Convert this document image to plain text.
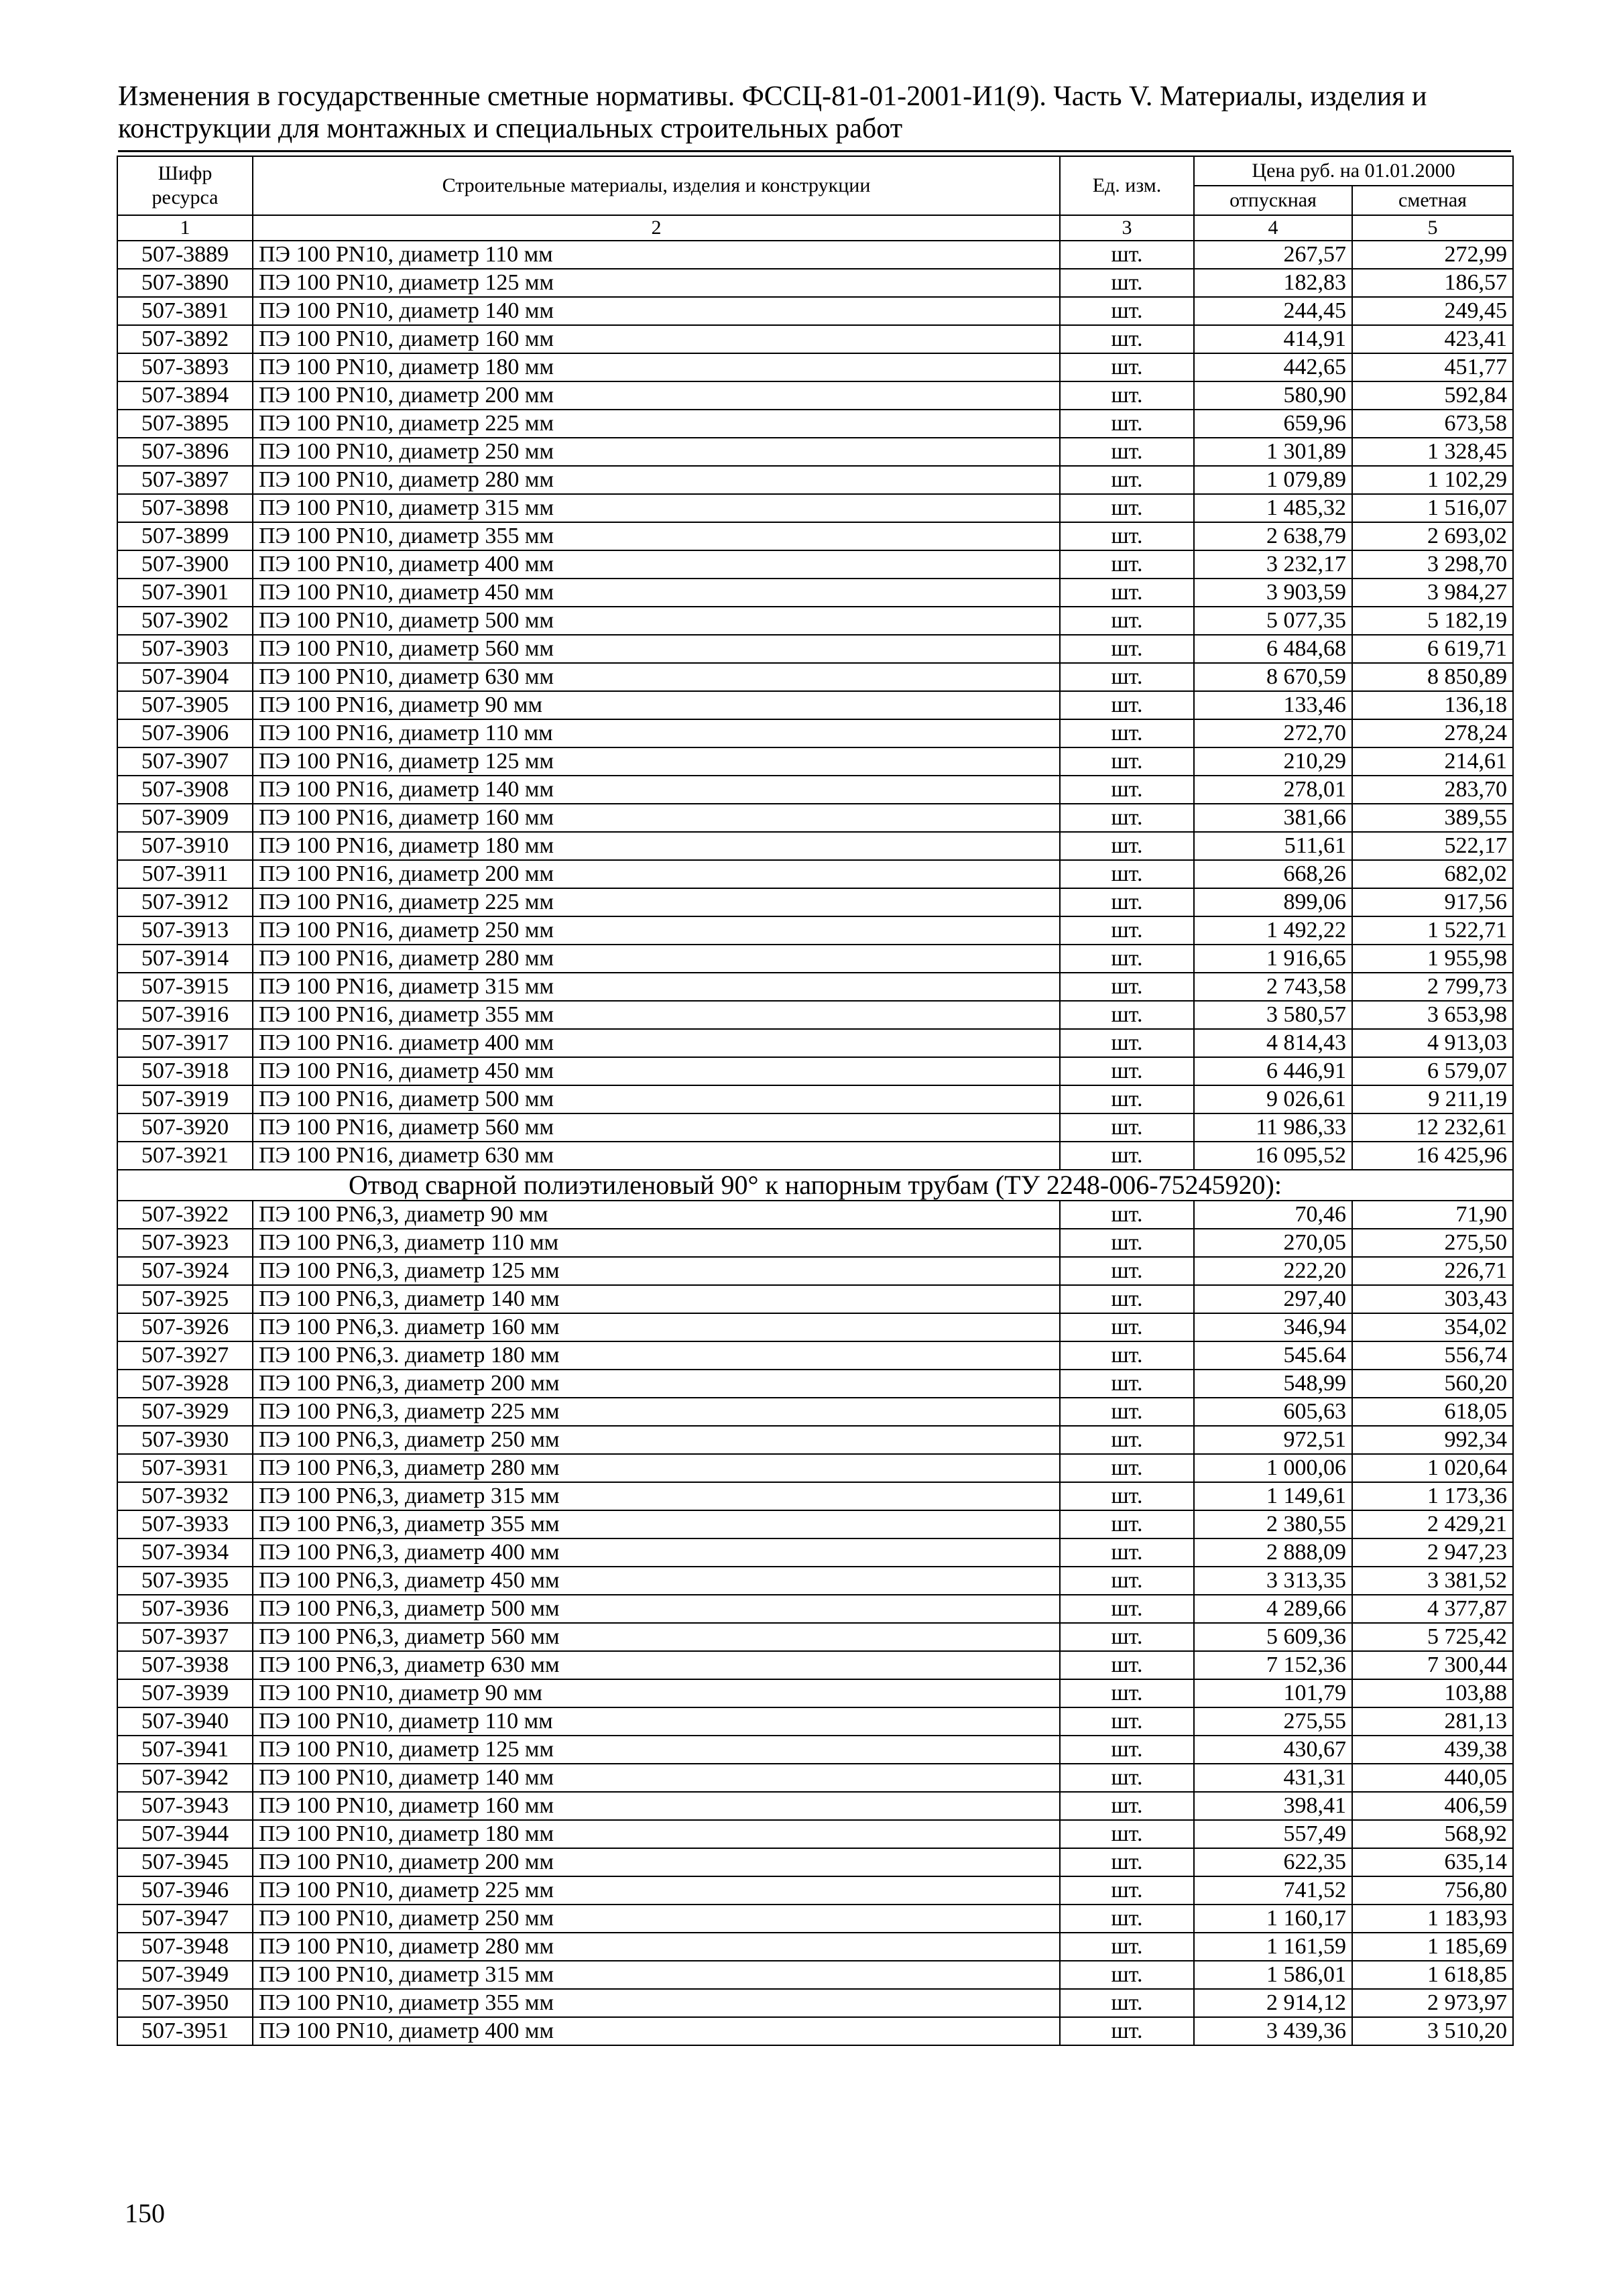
Изменения в государственные сметные нормативы. ФССЦ-81-01-2001-И1(9). Часть V. Материалы, изделия и
конструкции для монтажных и специальных строительных работ
Шифр ресурса	Строительные материалы, изделия и конструкции	Ед. изм.	Цена руб. на 01.01.2000	
			отпускная	сметная
1	2	3	4	5
507-3889	ПЭ 100 PN10, диаметр 110 мм	шт.	267,57	272,99
507-3890	ПЭ 100 PN10, диаметр 125 мм	шт.	182,83	186,57
507-3891	ПЭ 100 PN10, диаметр 140 мм	шт.	244,45	249,45
507-3892	ПЭ 100 PN10, диаметр 160 мм	шт.	414,91	423,41
507-3893	ПЭ 100 PN10, диаметр 180 мм	шт.	442,65	451,77
507-3894	ПЭ 100 PN10, диаметр 200 мм	шт.	580,90	592,84
507-3895	ПЭ 100 PN10, диаметр 225 мм	шт.	659,96	673,58
507-3896	ПЭ 100 PN10, диаметр 250 мм	шт.	1 301,89	1 328,45
507-3897	ПЭ 100 PN10, диаметр 280 мм	шт.	1 079,89	1 102,29
507-3898	ПЭ 100 PN10, диаметр 315 мм	шт.	1 485,32	1 516,07
507-3899	ПЭ 100 PN10, диаметр 355 мм	шт.	2 638,79	2 693,02
507-3900	ПЭ 100 PN10, диаметр 400 мм	шт.	3 232,17	3 298,70
507-3901	ПЭ 100 PN10, диаметр 450 мм	шт.	3 903,59	3 984,27
507-3902	ПЭ 100 PN10, диаметр 500 мм	шт.	5 077,35	5 182,19
507-3903	ПЭ 100 PN10, диаметр 560 мм	шт.	6 484,68	6 619,71
507-3904	ПЭ 100 PN10, диаметр 630 мм	шт.	8 670,59	8 850,89
507-3905	ПЭ 100 PN16, диаметр 90 мм	шт.	133,46	136,18
507-3906	ПЭ 100 PN16, диаметр 110 мм	шт.	272,70	278,24
507-3907	ПЭ 100 PN16, диаметр 125 мм	шт.	210,29	214,61
507-3908	ПЭ 100 PN16, диаметр 140 мм	шт.	278,01	283,70
507-3909	ПЭ 100 PN16, диаметр 160 мм	шт.	381,66	389,55
507-3910	ПЭ 100 PN16, диаметр 180 мм	шт.	511,61	522,17
507-3911	ПЭ 100 PN16, диаметр 200 мм	шт.	668,26	682,02
507-3912	ПЭ 100 PN16, диаметр 225 мм	шт.	899,06	917,56
507-3913	ПЭ 100 PN16, диаметр 250 мм	шт.	1 492,22	1 522,71
507-3914	ПЭ 100 PN16, диаметр 280 мм	шт.	1 916,65	1 955,98
507-3915	ПЭ 100 PN16, диаметр 315 мм	шт.	2 743,58	2 799,73
507-3916	ПЭ 100 PN16, диаметр 355 мм	шт.	3 580,57	3 653,98
507-3917	ПЭ 100 PN16. диаметр 400 мм	шт.	4 814,43	4 913,03
507-3918	ПЭ 100 PN16, диаметр 450 мм	шт.	6 446,91	6 579,07
507-3919	ПЭ 100 PN16, диаметр 500 мм	шт.	9 026,61	9 211,19
507-3920	ПЭ 100 PN16, диаметр 560 мм	шт.	11 986,33	12 232,61
507-3921	ПЭ 100 PN16, диаметр 630 мм	шт.	16 095,52	16 425,96
Отвод сварной полиэтиленовый 90° к напорным трубам (ТУ 2248-006-75245920):				
507-3922	ПЭ 100 PN6,3, диаметр 90 мм	шт.	70,46	71,90
507-3923	ПЭ 100 PN6,3, диаметр 110 мм	шт.	270,05	275,50
507-3924	ПЭ 100 PN6,3, диаметр 125 мм	шт.	222,20	226,71
507-3925	ПЭ 100 PN6,3, диаметр 140 мм	шт.	297,40	303,43
507-3926	ПЭ 100 PN6,3. диаметр 160 мм	шт.	346,94	354,02
507-3927	ПЭ 100 PN6,3. диаметр 180 мм	шт.	545.64	556,74
507-3928	ПЭ 100 PN6,3, диаметр 200 мм	шт.	548,99	560,20
507-3929	ПЭ 100 PN6,3, диаметр 225 мм	шт.	605,63	618,05
507-3930	ПЭ 100 PN6,3, диаметр 250 мм	шт.	972,51	992,34
507-3931	ПЭ 100 PN6,3, диаметр 280 мм	шт.	1 000,06	1 020,64
507-3932	ПЭ 100 PN6,3, диаметр 315 мм	шт.	1 149,61	1 173,36
507-3933	ПЭ 100 PN6,3, диаметр 355 мм	шт.	2 380,55	2 429,21
507-3934	ПЭ 100 PN6,3, диаметр 400 мм	шт.	2 888,09	2 947,23
507-3935	ПЭ 100 PN6,3, диаметр 450 мм	шт.	3 313,35	3 381,52
507-3936	ПЭ 100 PN6,3, диаметр 500 мм	шт.	4 289,66	4 377,87
507-3937	ПЭ 100 PN6,3, диаметр 560 мм	шт.	5 609,36	5 725,42
507-3938	ПЭ 100 PN6,3, диаметр 630 мм	шт.	7 152,36	7 300,44
507-3939	ПЭ 100 PN10, диаметр 90 мм	шт.	101,79	103,88
507-3940	ПЭ 100 PN10, диаметр 110 мм	шт.	275,55	281,13
507-3941	ПЭ 100 PN10, диаметр 125 мм	шт.	430,67	439,38
507-3942	ПЭ 100 PN10, диаметр 140 мм	шт.	431,31	440,05
507-3943	ПЭ 100 PN10, диаметр 160 мм	шт.	398,41	406,59
507-3944	ПЭ 100 PN10, диаметр 180 мм	шт.	557,49	568,92
507-3945	ПЭ 100 PN10, диаметр 200 мм	шт.	622,35	635,14
507-3946	ПЭ 100 PN10, диаметр 225 мм	шт.	741,52	756,80
507-3947	ПЭ 100 PN10, диаметр 250 мм	шт.	1 160,17	1 183,93
507-3948	ПЭ 100 PN10, диаметр 280 мм	шт.	1 161,59	1 185,69
507-3949	ПЭ 100 PN10, диаметр 315 мм	шт.	1 586,01	1 618,85
507-3950	ПЭ 100 PN10, диаметр 355 мм	шт.	2 914,12	2 973,97
507-3951	ПЭ 100 PN10, диаметр 400 мм	шт.	3 439,36	3 510,20
150
